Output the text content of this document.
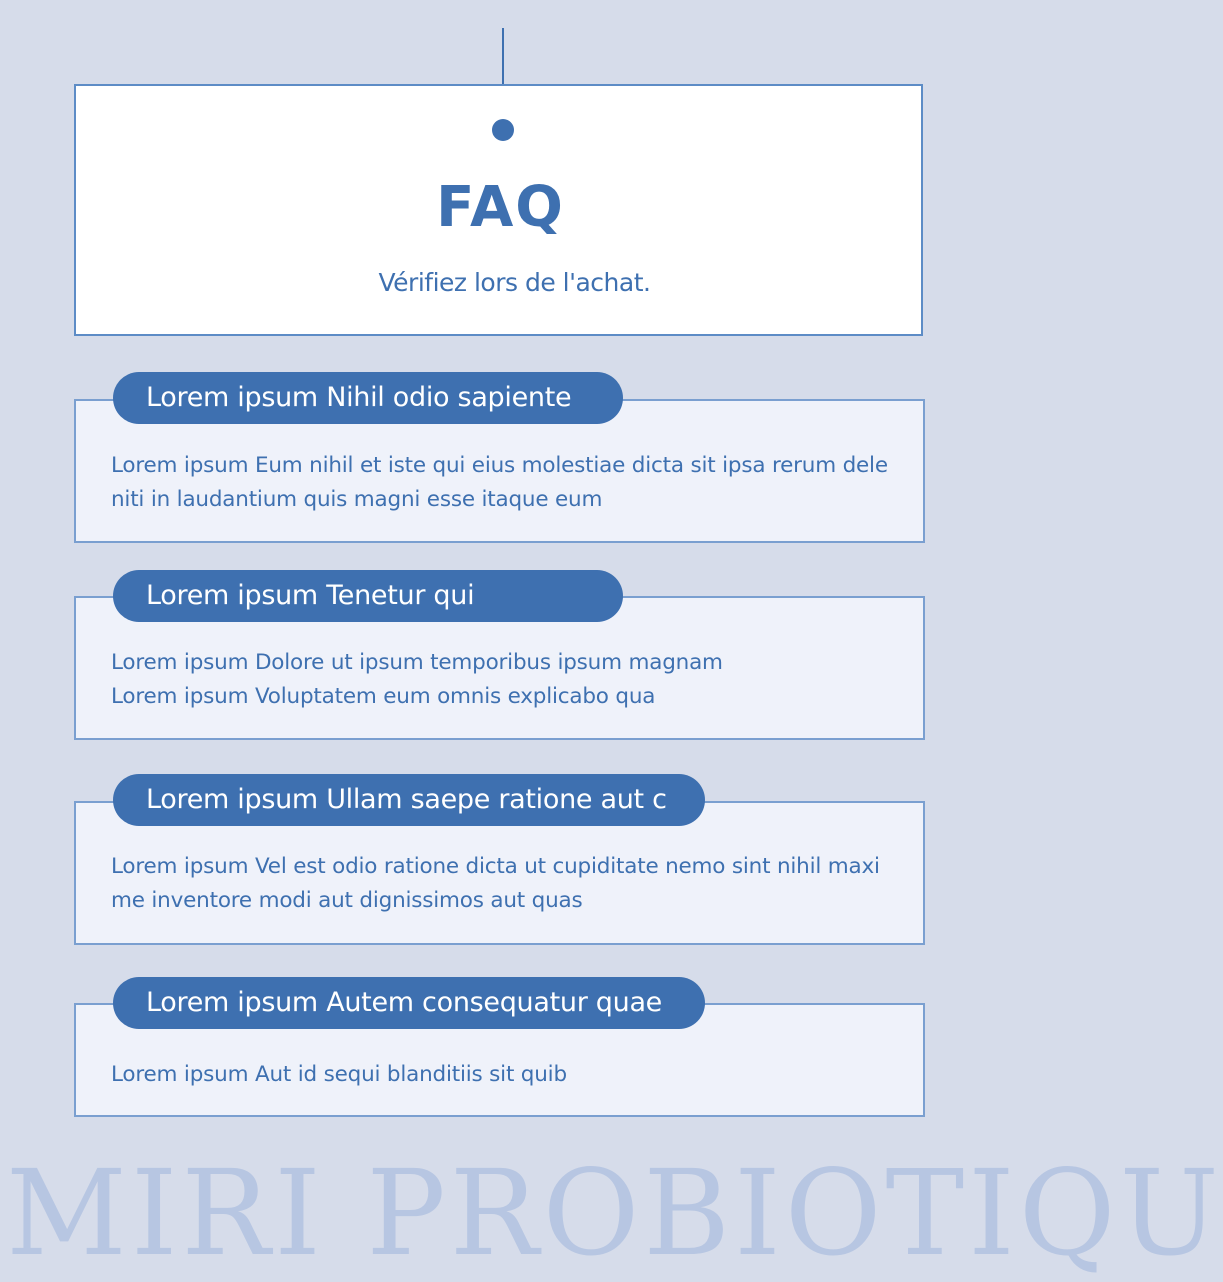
FAQ
Vérifiez lors de l'achat.
Lorem ipsum Nihil odio sapiente
Lorem ipsum Eum nihil et iste qui eius molestiae dicta sit ipsa rerum dele niti in laudantium quis magni esse itaque eum
Lorem ipsum Tenetur qui
Lorem ipsum Dolore ut ipsum temporibus ipsum magnam Lorem ipsum Voluptatem eum omnis explicabo qua
Lorem ipsum Ullam saepe ratione aut c
Lorem ipsum Vel est odio ratione dicta ut cupiditate nemo sint nihil maxi me inventore modi aut dignissimos aut quas
Lorem ipsum Autem consequatur quae
Lorem ipsum Aut id sequi blanditiis sit quib
MIRI PROBIOTIQU
